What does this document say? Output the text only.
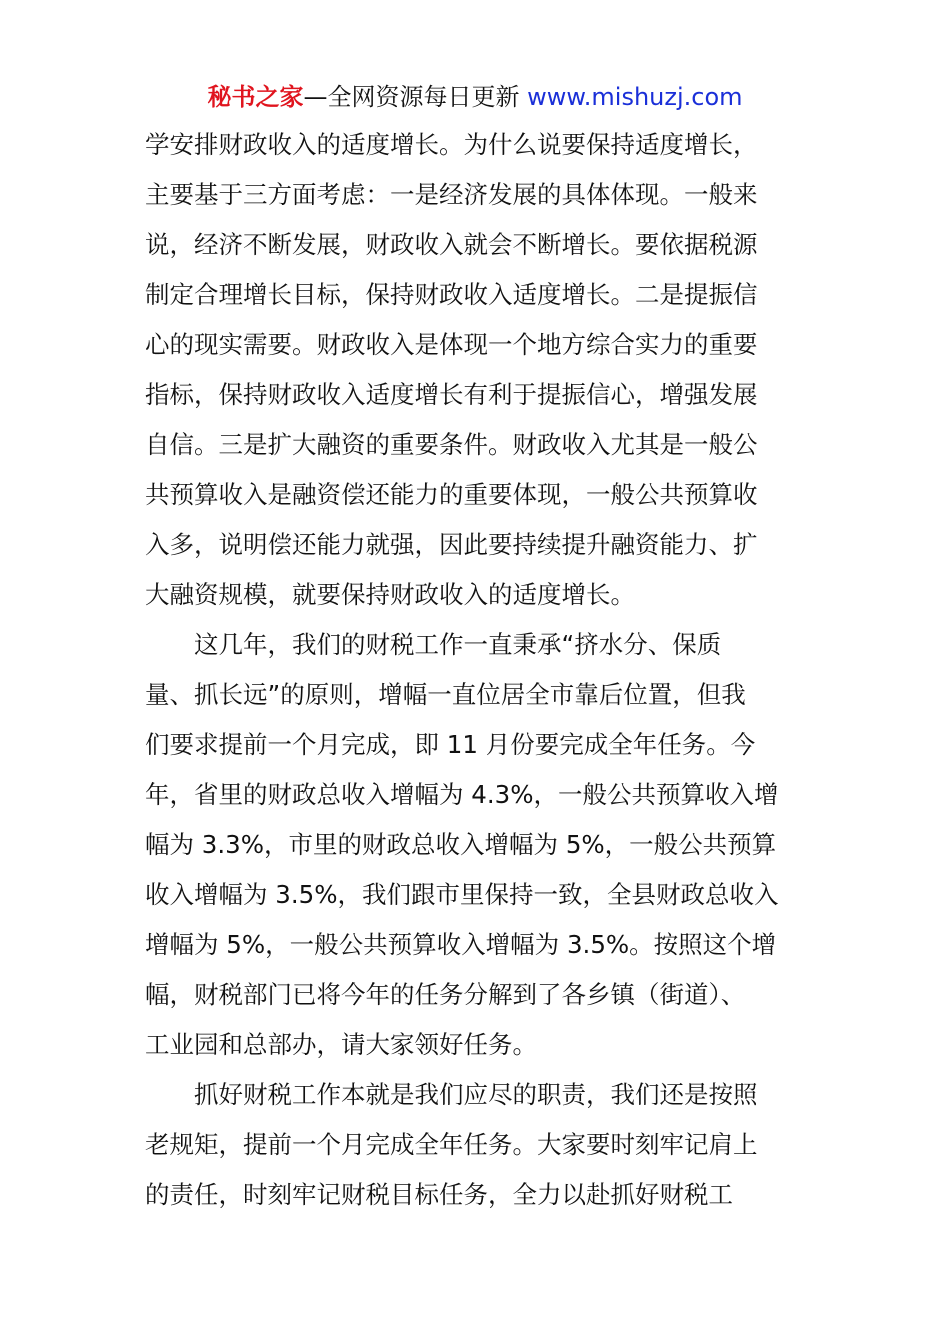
秘书之家—全网资源每日更新 www.mishuzj.com
学安排财政收入的适度增长。为什么说要保持适度增长，
主要基于三方面考虑：一是经济发展的具体体现。一般来
说，经济不断发展，财政收入就会不断增长。要依据税源
制定合理增长目标，保持财政收入适度增长。二是提振信
心的现实需要。财政收入是体现一个地方综合实力的重要
指标，保持财政收入适度增长有利于提振信心，增强发展
自信。三是扩大融资的重要条件。财政收入尤其是一般公
共预算收入是融资偿还能力的重要体现，一般公共预算收
入多，说明偿还能力就强，因此要持续提升融资能力、扩
大融资规模，就要保持财政收入的适度增长。
这几年，我们的财税工作一直秉承“挤水分、保质
量、抓长远”的原则，增幅一直位居全市靠后位置，但我
们要求提前一个月完成，即 11 月份要完成全年任务。今
年，省里的财政总收入增幅为 4.3%，一般公共预算收入增
幅为 3.3%，市里的财政总收入增幅为 5%，一般公共预算
收入增幅为 3.5%，我们跟市里保持一致，全县财政总收入
增幅为 5%，一般公共预算收入增幅为 3.5%。按照这个增
幅，财税部门已将今年的任务分解到了各乡镇（街道）、
工业园和总部办，请大家领好任务。
抓好财税工作本就是我们应尽的职责，我们还是按照
老规矩，提前一个月完成全年任务。大家要时刻牢记肩上
的责任，时刻牢记财税目标任务，全力以赴抓好财税工
